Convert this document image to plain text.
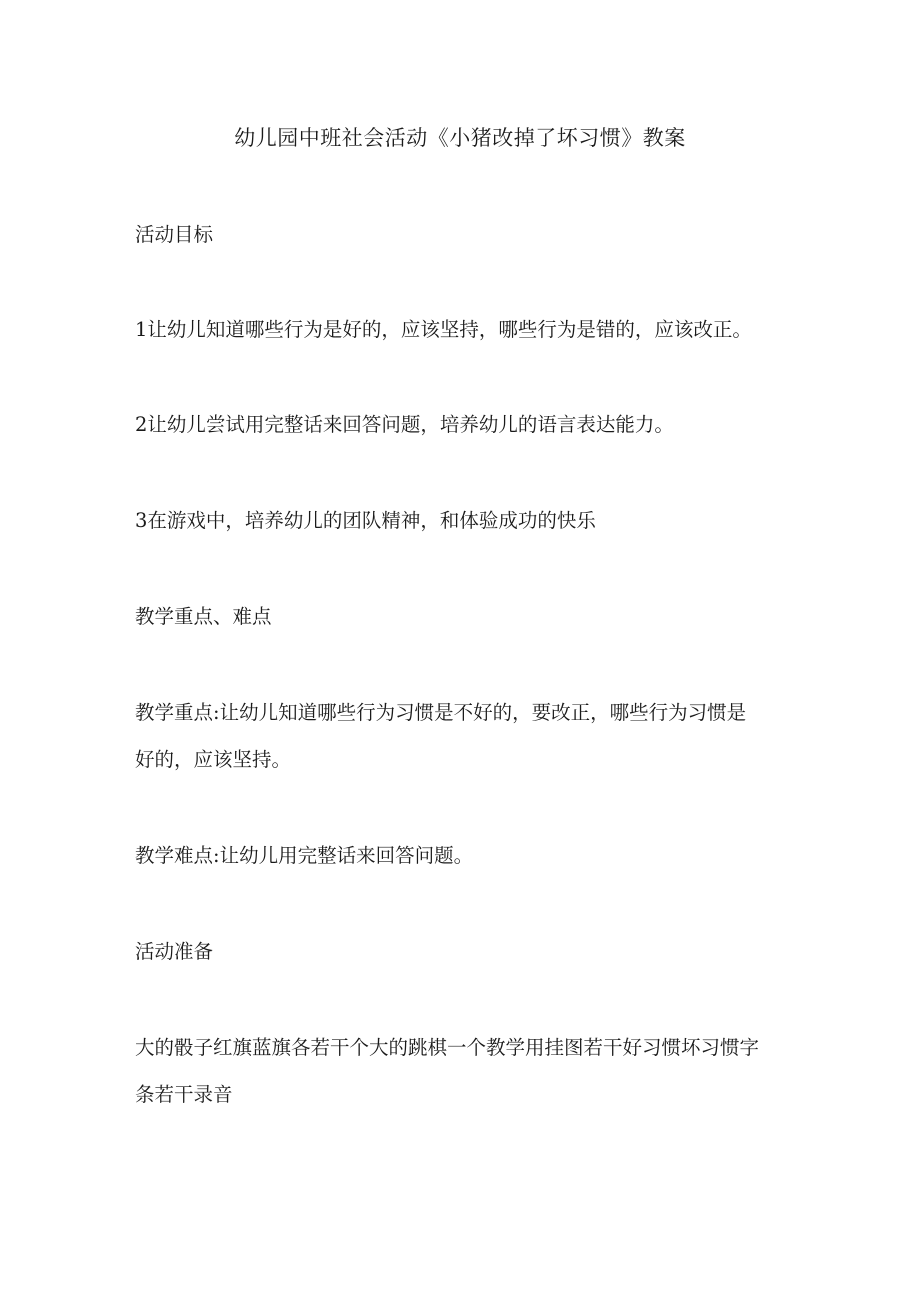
幼儿园中班社会活动《小猪改掉了坏习惯》教案
活动目标
1让幼儿知道哪些行为是好的，应该坚持，哪些行为是错的，应该改正。
2让幼儿尝试用完整话来回答问题，培养幼儿的语言表达能力。
3在游戏中，培养幼儿的团队精神，和体验成功的快乐
教学重点、难点
教学重点:让幼儿知道哪些行为习惯是不好的，要改正，哪些行为习惯是
好的，应该坚持。
教学难点:让幼儿用完整话来回答问题。
活动准备
大的骰子红旗蓝旗各若干个大的跳棋一个教学用挂图若干好习惯坏习惯字
条若干录音
